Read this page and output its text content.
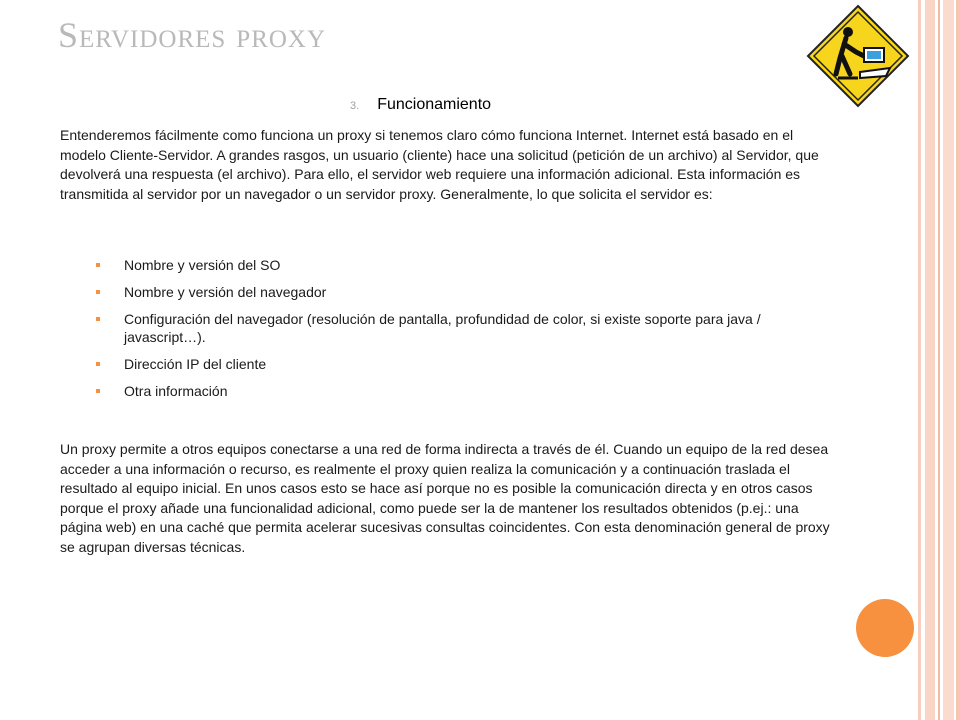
Servidores proxy
3. Funcionamiento

Entenderemos fácilmente como funciona un proxy si tenemos claro cómo funciona Internet. Internet está basado en el modelo Cliente-Servidor. A grandes rasgos, un usuario (cliente) hace una solicitud (petición de un archivo) al Servidor, que devolverá una respuesta (el archivo). Para ello, el servidor web requiere una información adicional. Esta información es transmitida al servidor por un navegador o un servidor proxy. Generalmente, lo que solicita el servidor es:

Nombre y versión del SO
Nombre y versión del navegador
Configuración del navegador (resolución de pantalla, profundidad de color, si existe soporte para java / javascript…).
Dirección IP del cliente
Otra información

Un proxy permite a otros equipos conectarse a una red de forma indirecta a través de él. Cuando un equipo de la red desea acceder a una información o recurso, es realmente el proxy quien realiza la comunicación y a continuación traslada el resultado al equipo inicial. En unos casos esto se hace así porque no es posible la comunicación directa y en otros casos porque el proxy añade una funcionalidad adicional, como puede ser la de mantener los resultados obtenidos (p.ej.: una página web) en una caché que permita acelerar sucesivas consultas coincidentes. Con esta denominación general de proxy se agrupan diversas técnicas.
